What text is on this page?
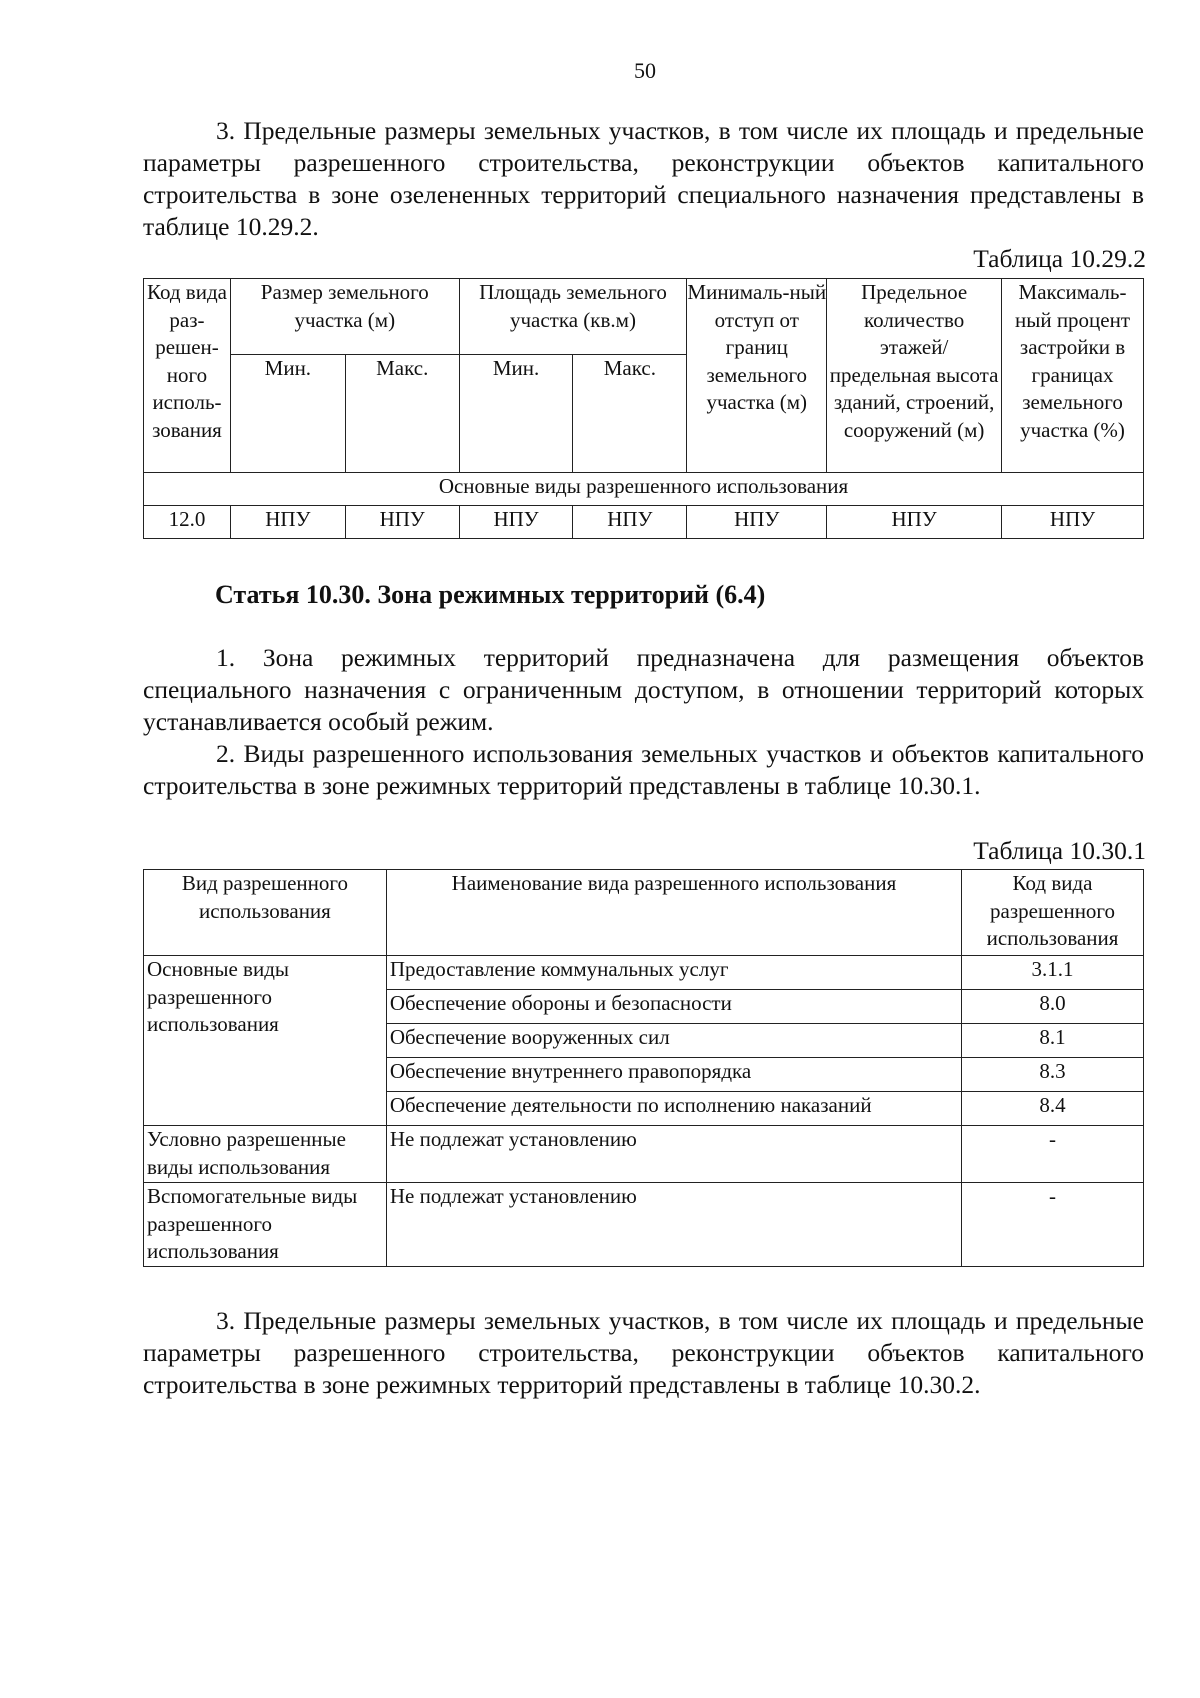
50

3. Предельные размеры земельных участков, в том числе их площадь и предельные параметры разрешенного строительства, реконструкции объектов капитального строительства в зоне озелененных территорий специального назначения представлены в таблице 10.29.2.

Таблица 10.29.2
Код вида раз-решен-ного исполь-зования	Размер земельного участка (м)		Площадь земельного участка (кв.м)		Минималь-ный отступ от границ земельного участка (м)	Предельное количество этажей/ предельная высота зданий, строений, сооружений (м)	Максималь-ный процент застройки в границах земельного участка (%)
	Мин.	Макс.	Мин.	Макс.			
Основные виды разрешенного использования							
12.0	НПУ	НПУ	НПУ	НПУ	НПУ	НПУ	НПУ
Статья 10.30. Зона режимных территорий (6.4)

1. Зона режимных территорий предназначена для размещения объектов специального назначения с ограниченным доступом, в отношении территорий которых устанавливается особый режим.

2. Виды разрешенного использования земельных участков и объектов капитального строительства в зоне режимных территорий представлены в таблице 10.30.1.

Таблица 10.30.1
Вид разрешенного использования	Наименование вида разрешенного использования	Код вида разрешенного использования
Основные виды разрешенного использования	Предоставление коммунальных услуг	3.1.1
	Обеспечение обороны и безопасности	8.0
	Обеспечение вооруженных сил	8.1
	Обеспечение внутреннего правопорядка	8.3
	Обеспечение деятельности по исполнению наказаний	8.4
Условно разрешенные виды использования	Не подлежат установлению	-
Вспомогательные виды разрешенного использования	Не подлежат установлению	-

3. Предельные размеры земельных участков, в том числе их площадь и предельные параметры разрешенного строительства, реконструкции объектов капитального строительства в зоне режимных территорий представлены в таблице 10.30.2.
